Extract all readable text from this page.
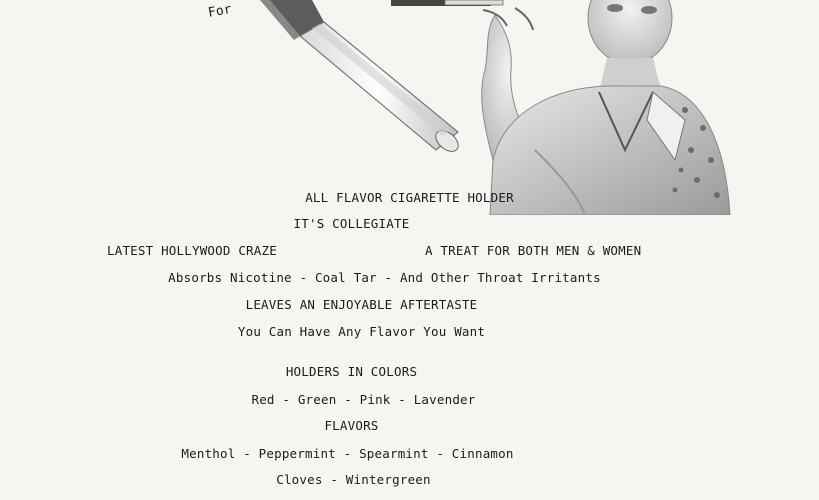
For
ALL FLAVOR CIGARETTE HOLDER
IT'S COLLEGIATE
LATEST HOLLYWOOD CRAZE	A TREAT FOR BOTH MEN & WOMEN
Absorbs Nicotine - Coal Tar - And Other Throat Irritants
LEAVES AN ENJOYABLE AFTERTASTE
You Can Have Any Flavor You Want
HOLDERS IN COLORS
Red - Green - Pink - Lavender
FLAVORS
Menthol - Peppermint - Spearmint - Cinnamon
Cloves - Wintergreen
